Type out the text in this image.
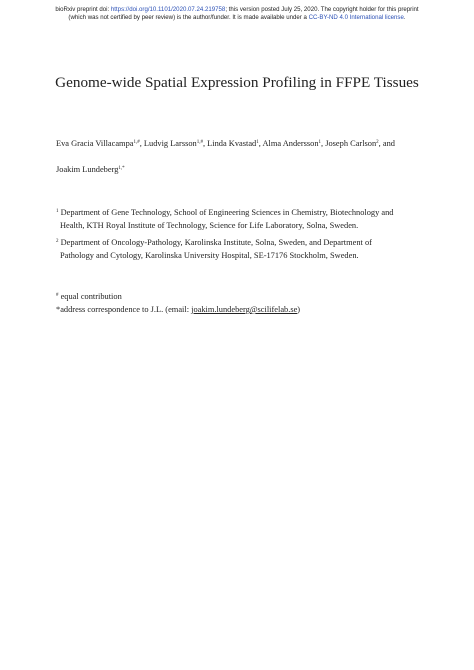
bioRxiv preprint doi: https://doi.org/10.1101/2020.07.24.219758; this version posted July 25, 2020. The copyright holder for this preprint
(which was not certified by peer review) is the author/funder. It is made available under a CC-BY-ND 4.0 International license.
Genome-wide Spatial Expression Profiling in FFPE Tissues
Eva Gracia Villacampa$^{1,\#}$, Ludvig Larsson$^{1,\#}$, Linda Kvastad$^1$, Alma Andersson$^1$, Joseph Carlson$^2$, and
Joakim Lundeberg$^{1,*}$
$^1$ Department of Gene Technology, School of Engineering Sciences in Chemistry, Biotechnology and
Health, KTH Royal Institute of Technology, Science for Life Laboratory, Solna, Sweden.
$^2$ Department of Oncology-Pathology, Karolinska Institute, Solna, Sweden, and Department of
Pathology and Cytology, Karolinska University Hospital, SE-17176 Stockholm, Sweden.
# equal contribution
*address correspondence to J.L. (email: joakim.lundeberg@scilifelab.se)
